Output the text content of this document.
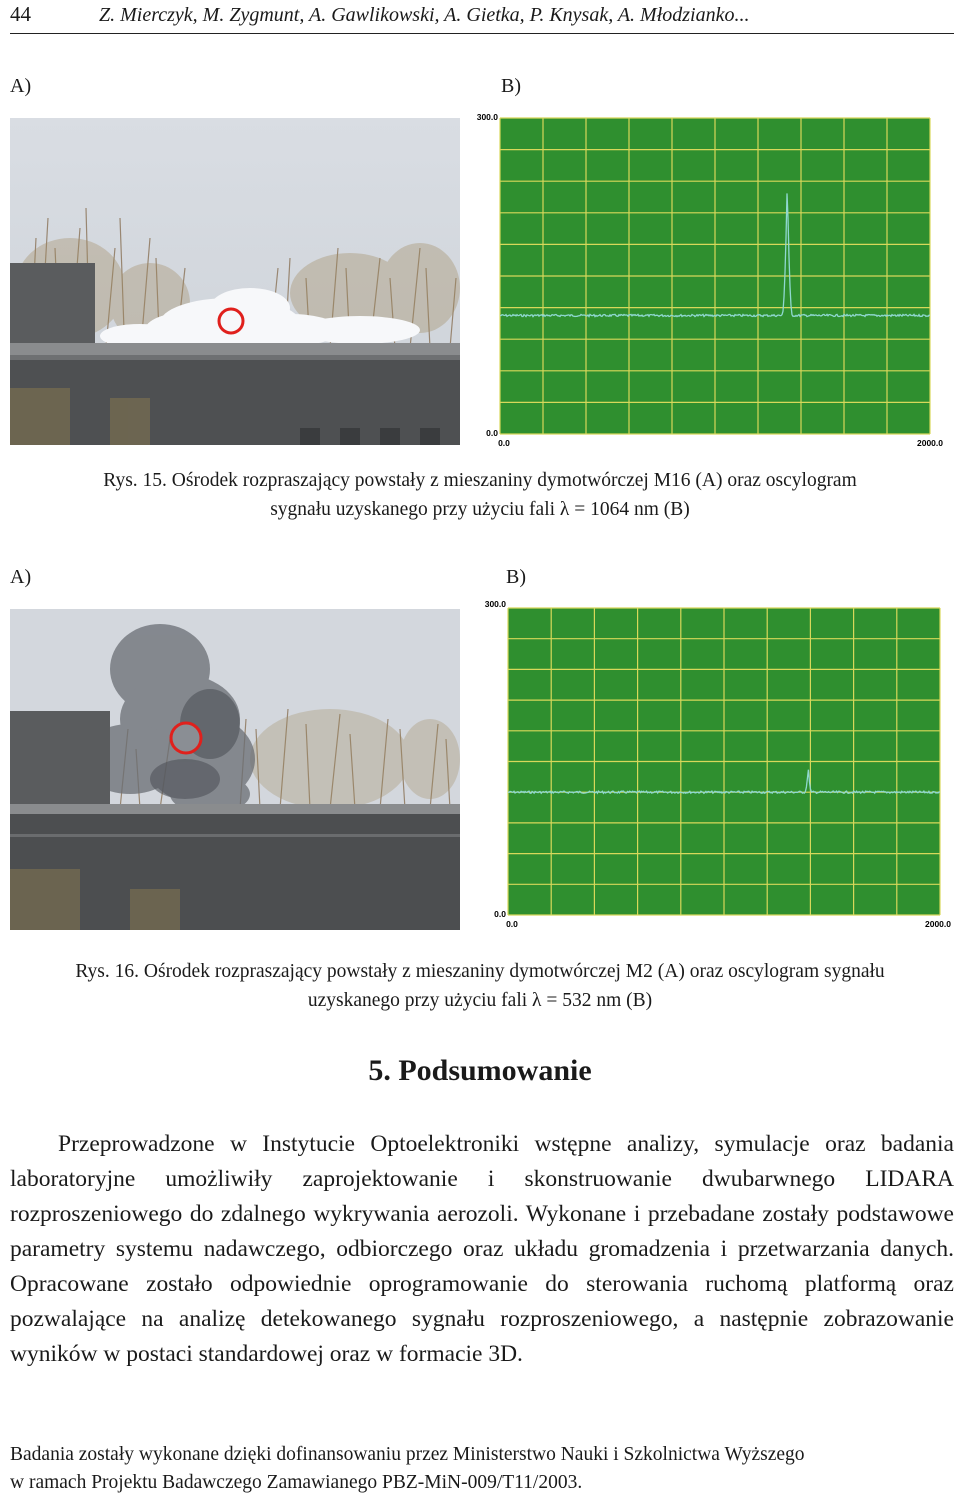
44	Z. Mierczyk, M. Zygmunt, A. Gawlikowski, A. Gietka, P. Knysak, A. Młodzianko...
A)	B)
300.0
0.0
0.0	2000.0
Rys. 15. Ośrodek rozpraszający powstały z mieszaniny dymotwórczej M16 (A) oraz oscylogram
sygnału uzyskanego przy użyciu fali λ = 1064 nm (B)
A)	B)
300.0
0.0
0.0	2000.0
Rys. 16. Ośrodek rozpraszający powstały z mieszaniny dymotwórczej M2 (A) oraz oscylogram sygnału
uzyskanego przy użyciu fali λ = 532 nm (B)
5. Podsumowanie
Przeprowadzone w Instytucie Optoelektroniki wstępne analizy, symulacje oraz badania laboratoryjne umożliwiły zaprojektowanie i skonstruowanie dwubarwnego LIDARA rozproszeniowego do zdalnego wykrywania aerozoli. Wykonane i przebadane zostały podstawowe parametry systemu nadawczego, odbiorczego oraz układu gromadzenia i przetwarzania danych. Opracowane zostało odpowiednie oprogramowanie do sterowania ruchomą platformą oraz pozwalające na analizę detekowanego sygnału rozproszeniowego, a następnie zobrazowanie wyników w postaci standardowej oraz w formacie 3D.
Badania zostały wykonane dzięki dofinansowaniu przez Ministerstwo Nauki i Szkolnictwa Wyższego
w ramach Projektu Badawczego Zamawianego PBZ-MiN-009/T11/2003.
